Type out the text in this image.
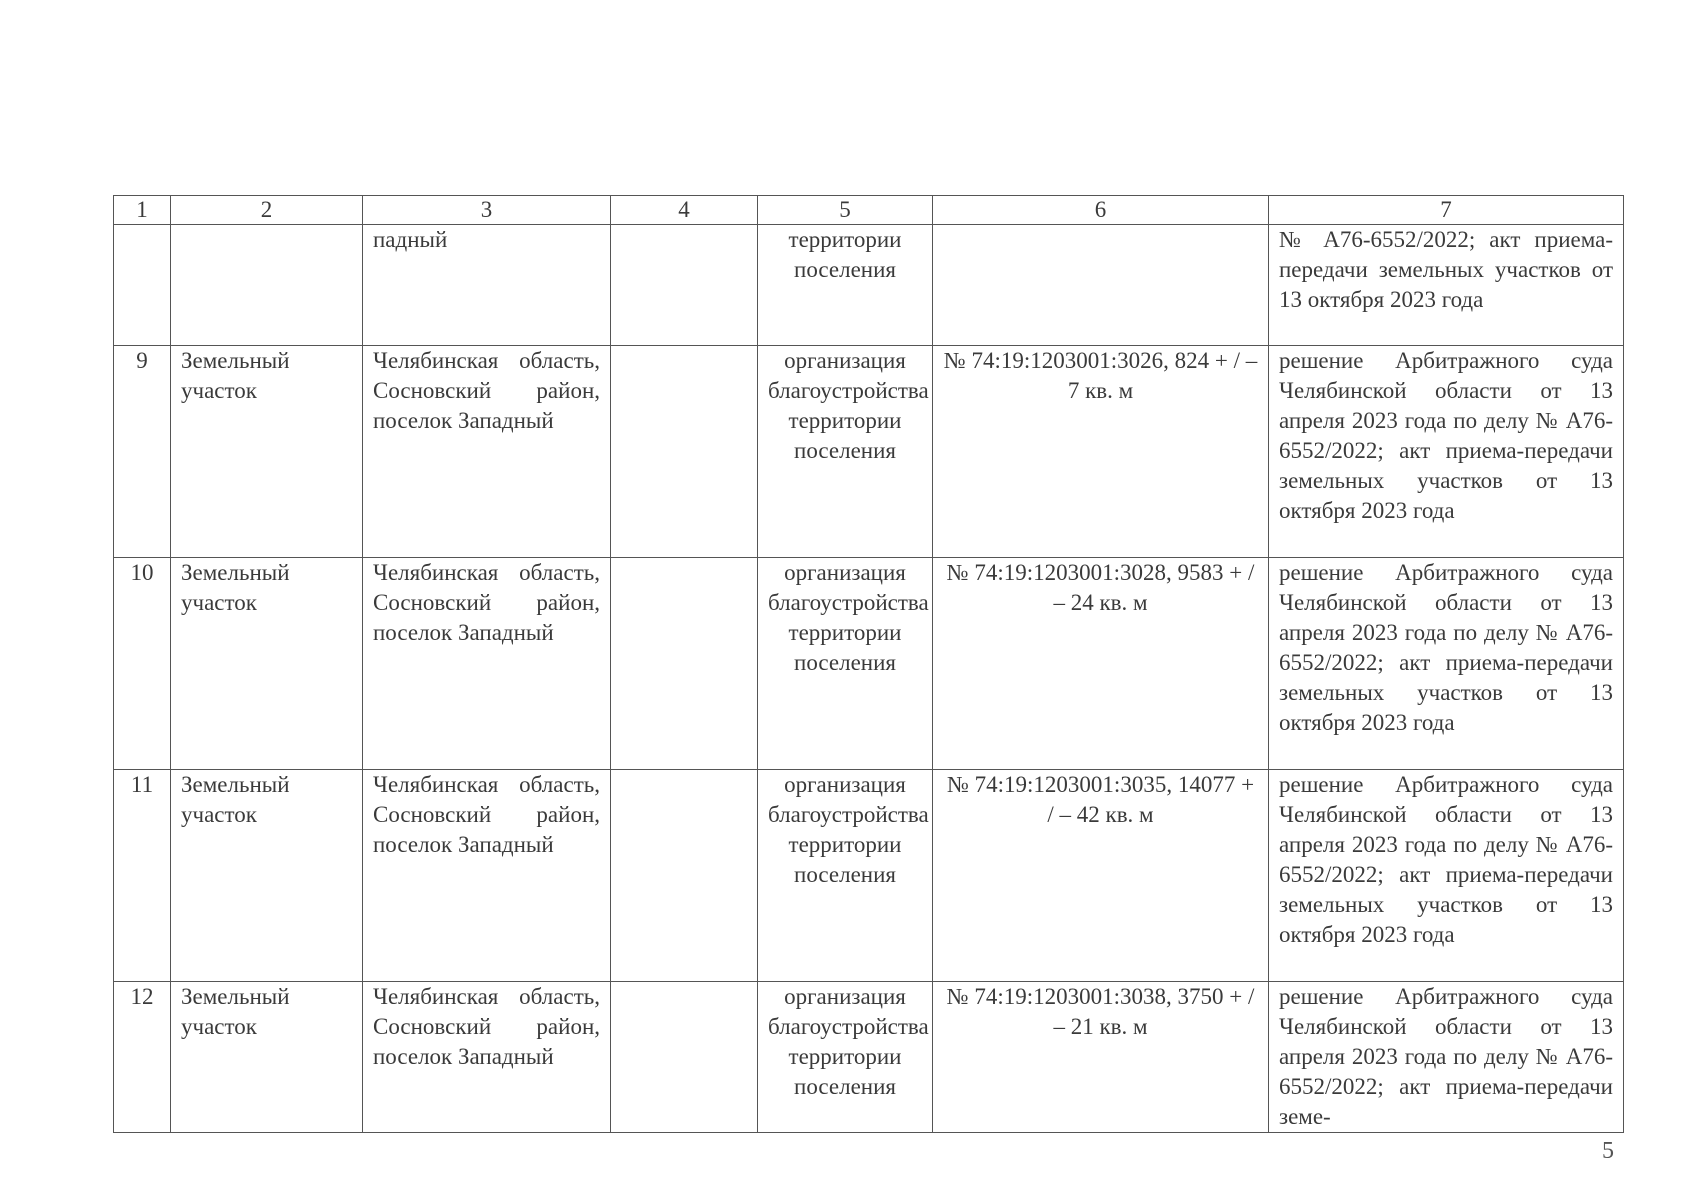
1	2	3	4	5	6	7
		падный		территории поселения		№ А76-6552/2022; акт приема-передачи земельных участков от 13 октября 2023 года
9	Земельный участок	Челябинская область, Сосновский район, поселок Западный		организация благоустройства территории поселения	№ 74:19:1203001:3026, 824 + / – 7 кв. м	решение Арбитражного суда Челябинской области от 13 апреля 2023 года по делу № А76-6552/2022; акт приема-передачи земельных участков от 13 октября 2023 года
10	Земельный участок	Челябинская область, Сосновский район, поселок Западный		организация благоустройства территории поселения	№ 74:19:1203001:3028, 9583 + / – 24 кв. м	решение Арбитражного суда Челябинской области от 13 апреля 2023 года по делу № А76-6552/2022; акт приема-передачи земельных участков от 13 октября 2023 года
11	Земельный участок	Челябинская область, Сосновский район, поселок Западный		организация благоустройства территории поселения	№ 74:19:1203001:3035, 14077 + / – 42 кв. м	решение Арбитражного суда Челябинской области от 13 апреля 2023 года по делу № А76-6552/2022; акт приема-передачи земельных участков от 13 октября 2023 года
12	Земельный участок	Челябинская область, Сосновский район, поселок Западный		организация благоустройства территории поселения	№ 74:19:1203001:3038, 3750 + / – 21 кв. м	решение Арбитражного суда Челябинской области от 13 апреля 2023 года по делу № А76-6552/2022; акт приема-передачи зeме-
5
